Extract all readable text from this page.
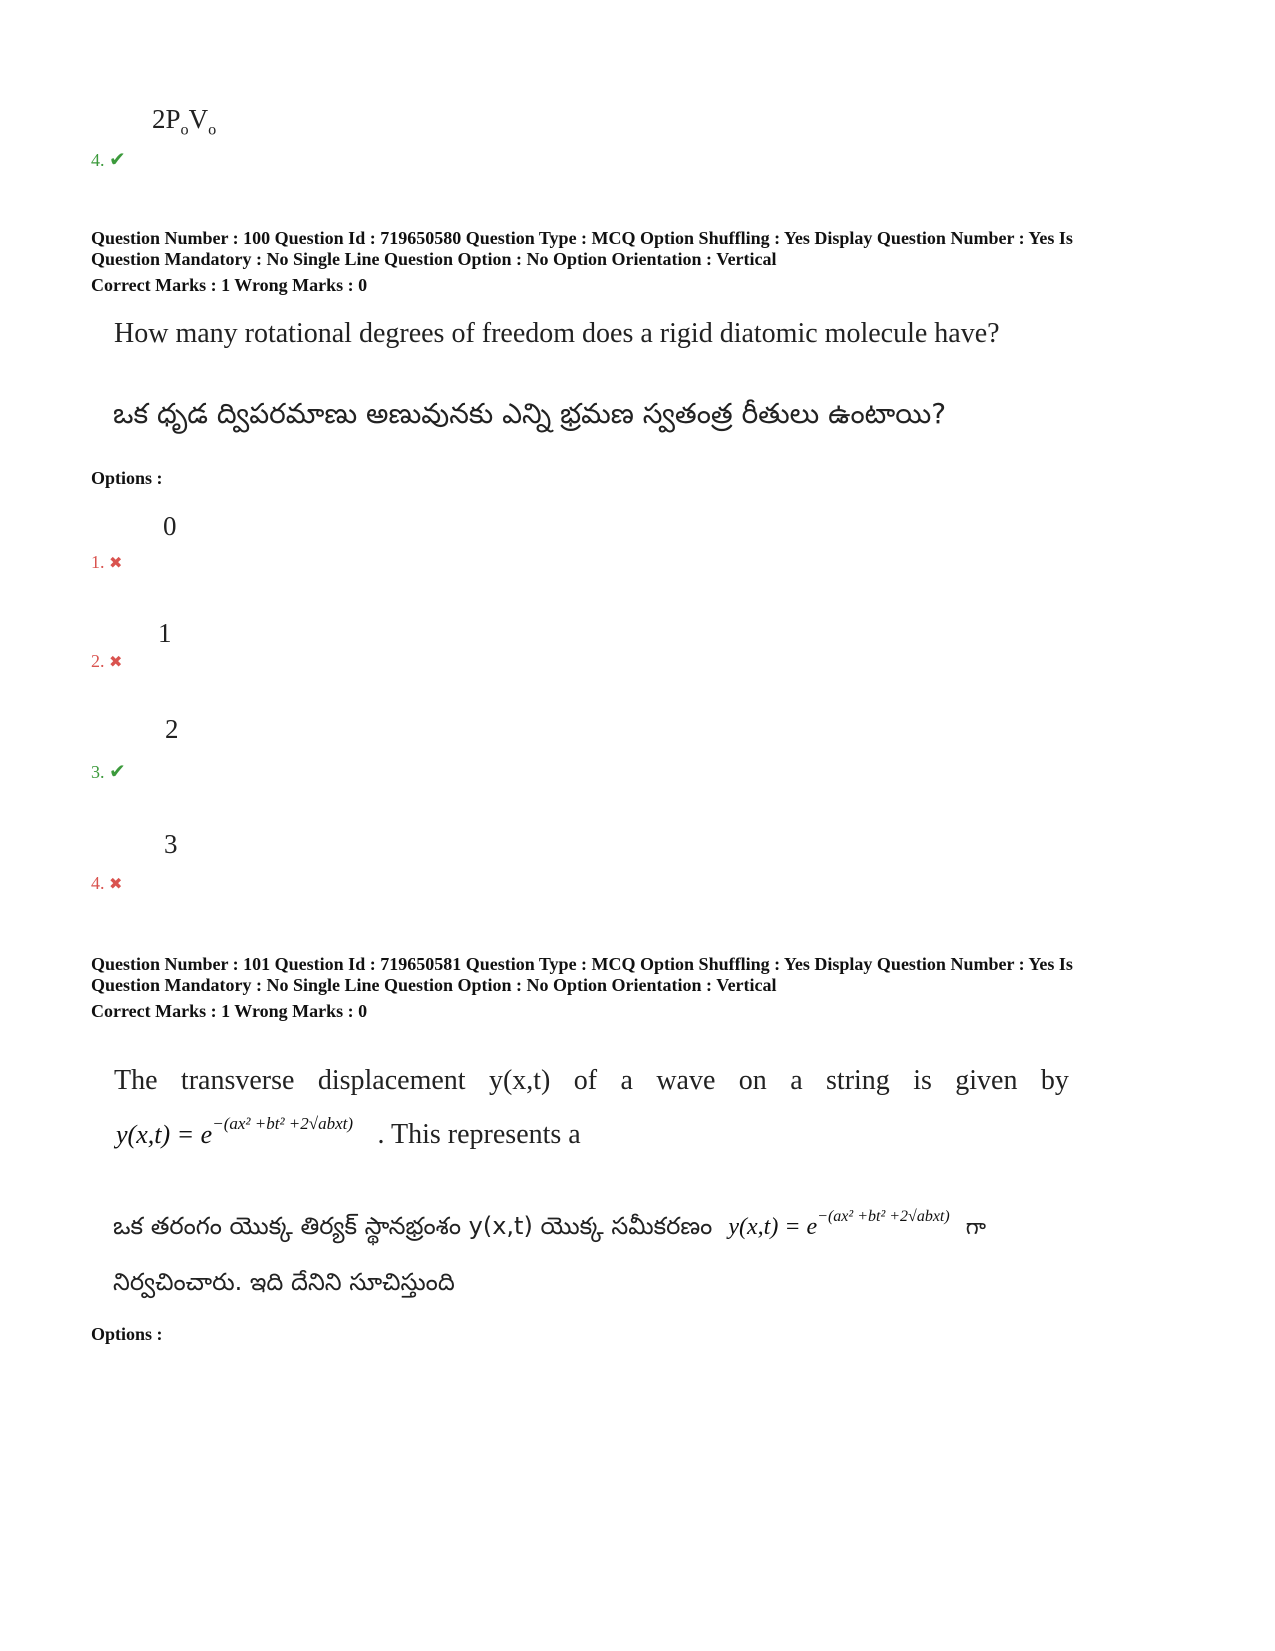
$2P_oV_o$
4. ✔
Question Number : 100 Question Id : 719650580 Question Type : MCQ Option Shuffling : Yes Display Question Number : Yes Is
Question Mandatory : No Single Line Question Option : No Option Orientation : Vertical
Correct Marks : 1 Wrong Marks : 0
How many rotational degrees of freedom does a rigid diatomic molecule have?
ఒక ధృడ ద్విపరమాణు అణువునకు ఎన్ని భ్రమణ స్వతంత్ర రీతులు ఉంటాయి?
Options :
0
1. ✖
1
2. ✖
2
3. ✔
3
4. ✖
Question Number : 101 Question Id : 719650581 Question Type : MCQ Option Shuffling : Yes Display Question Number : Yes Is
Question Mandatory : No Single Line Question Option : No Option Orientation : Vertical
Correct Marks : 1 Wrong Marks : 0
The transverse displacement y(x,t) of a wave on a string is given by
$y(x,t) = e^{-(ax^2 +bt^2 +2√abxt)}$ . This represents a
ఒక తరంగం యొక్క తిర్యక్ స్థానభ్రంశం y(x,t) యొక్క సమీకరణం $y(x,t) = e^{-(ax^2 +bt^2 +2√abxt)}$ గా
నిర్వచించారు. ఇది దేనిని సూచిస్తుంది
Options :
